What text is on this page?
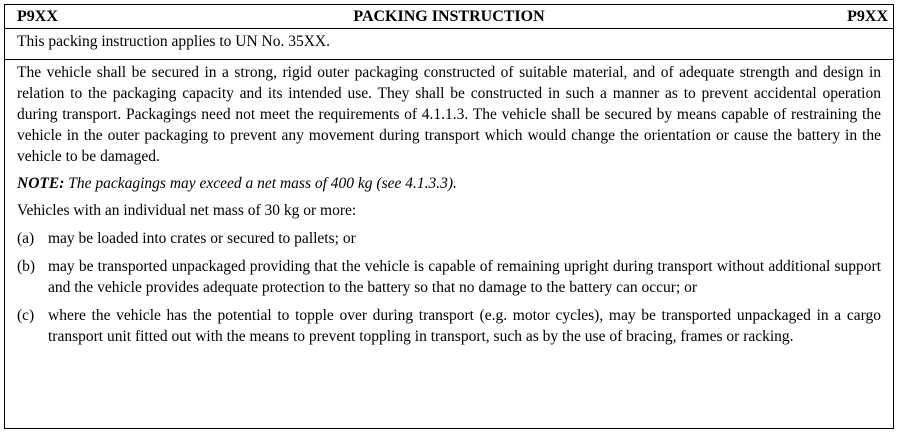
P9XX	PACKING INSTRUCTION	P9XX
This packing instruction applies to UN No. 35XX.

The vehicle shall be secured in a strong, rigid outer packaging constructed of suitable material, and of adequate strength and design in relation to the packaging capacity and its intended use. They shall be constructed in such a manner as to prevent accidental operation during transport. Packagings need not meet the requirements of 4.1.1.3. The vehicle shall be secured by means capable of restraining the vehicle in the outer packaging to prevent any movement during transport which would change the orientation or cause the battery in the vehicle to be damaged.

NOTE: The packagings may exceed a net mass of 400 kg (see 4.1.3.3).

Vehicles with an individual net mass of 30 kg or more:

(a) may be loaded into crates or secured to pallets; or
(b) may be transported unpackaged providing that the vehicle is capable of remaining upright during transport without additional support and the vehicle provides adequate protection to the battery so that no damage to the battery can occur; or
(c) where the vehicle has the potential to topple over during transport (e.g. motor cycles), may be transported unpackaged in a cargo transport unit fitted out with the means to prevent toppling in transport, such as by the use of bracing, frames or racking.
